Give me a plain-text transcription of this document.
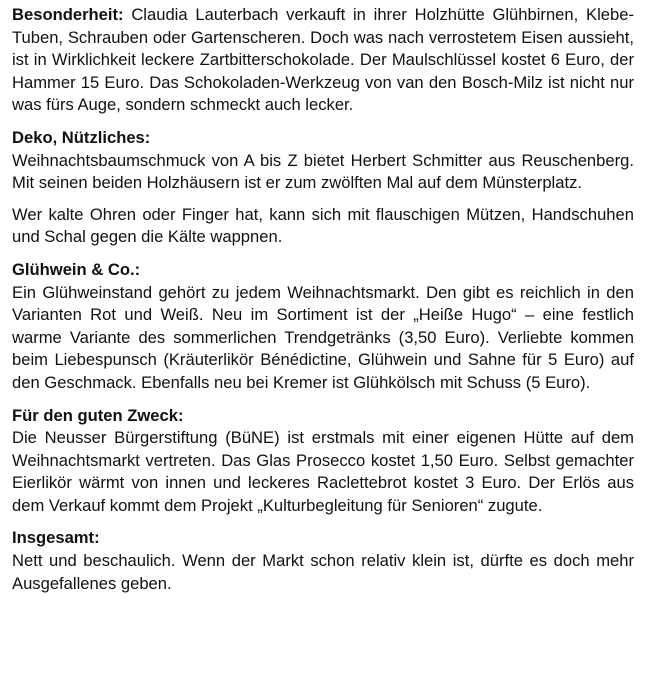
Besonderheit: Claudia Lauterbach verkauft in ihrer Holzhütte Glühbirnen, Klebe-Tuben, Schrauben oder Gartenscheren. Doch was nach verrostetem Eisen aussieht, ist in Wirklichkeit leckere Zartbitterschokolade. Der Maulschlüssel kostet 6 Euro, der Hammer 15 Euro. Das Schokoladen-Werkzeug von van den Bosch-Milz ist nicht nur was fürs Auge, sondern schmeckt auch lecker.

Deko, Nützliches:

Weihnachtsbaumschmuck von A bis Z bietet Herbert Schmitter aus Reuschenberg. Mit seinen beiden Holzhäusern ist er zum zwölften Mal auf dem Münsterplatz.

Wer kalte Ohren oder Finger hat, kann sich mit flauschigen Mützen, Handschuhen und Schal gegen die Kälte wappnen.

Glühwein & Co.:

Ein Glühweinstand gehört zu jedem Weihnachtsmarkt. Den gibt es reichlich in den Varianten Rot und Weiß. Neu im Sortiment ist der „Heiße Hugo“ – eine festlich warme Variante des sommerlichen Trendgetränks (3,50 Euro). Verliebte kommen beim Liebespunsch (Kräuterlikör Bénédictine, Glühwein und Sahne für 5 Euro) auf den Geschmack. Ebenfalls neu bei Kremer ist Glühkölsch mit Schuss (5 Euro).

Für den guten Zweck:

Die Neusser Bürgerstiftung (BüNE) ist erstmals mit einer eigenen Hütte auf dem Weihnachtsmarkt vertreten. Das Glas Prosecco kostet 1,50 Euro. Selbst gemachter Eierlikör wärmt von innen und leckeres Raclettebrot kostet 3 Euro. Der Erlös aus dem Verkauf kommt dem Projekt „Kulturbegleitung für Senioren“ zugute.

Insgesamt:

Nett und beschaulich. Wenn der Markt schon relativ klein ist, dürfte es doch mehr Ausgefallenes geben.
